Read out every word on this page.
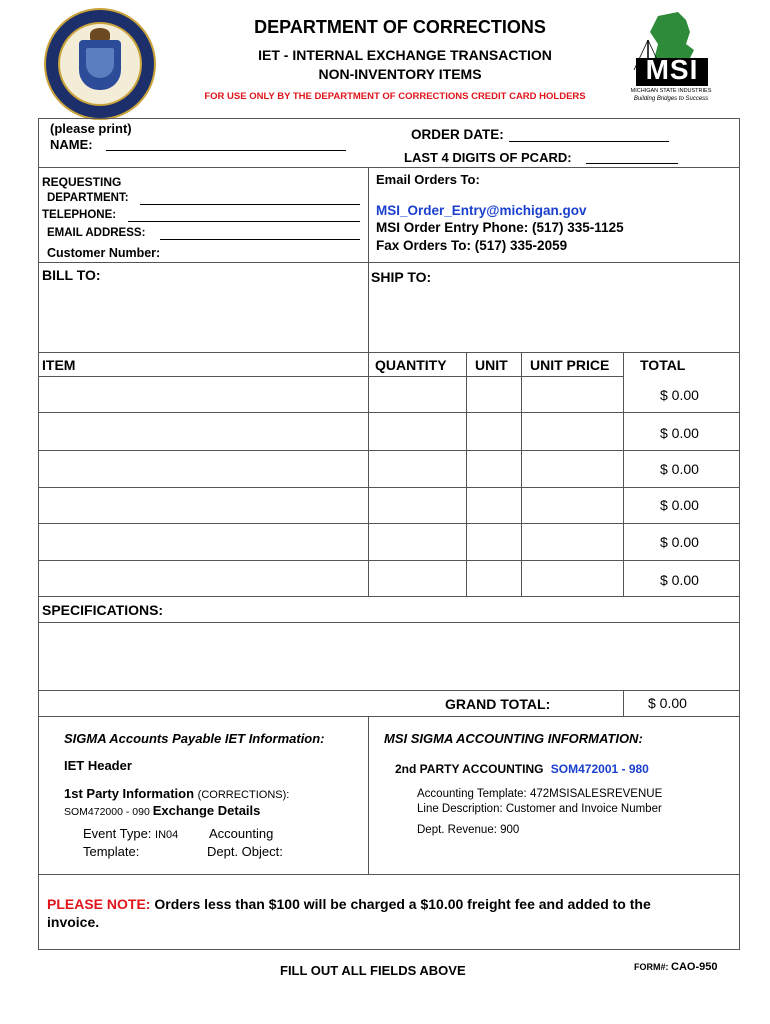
DEPARTMENT OF CORRECTIONS
IET - INTERNAL EXCHANGE TRANSACTION
NON-INVENTORY ITEMS
FOR USE ONLY BY THE DEPARTMENT OF CORRECTIONS CREDIT CARD HOLDERS
MSI
MICHIGAN STATE INDUSTRIES
Building Bridges to Success
(please print)
NAME:
ORDER DATE:
LAST 4 DIGITS OF PCARD:
REQUESTING
DEPARTMENT:
TELEPHONE:
EMAIL ADDRESS:
Customer Number:
Email Orders To:
MSI_Order_Entry@michigan.gov
MSI Order Entry Phone: (517) 335-1125
Fax Orders To: (517) 335-2059
BILL TO:	SHIP TO:
ITEM	QUANTITY UNIT UNIT PRICE TOTAL
$ 0.00
$ 0.00
$ 0.00
$ 0.00
$ 0.00
$ 0.00
SPECIFICATIONS:
GRAND TOTAL:	$ 0.00
SIGMA Accounts Payable IET Information:
IET Header
1st Party Information (CORRECTIONS):
SOM472000 - 090 Exchange Details
Event Type: IN04
Template:
Accounting
Dept. Object:
MSI SIGMA ACCOUNTING INFORMATION:
2nd PARTY ACCOUNTING SOM472001 - 980
Accounting Template: 472MSISALESREVENUE
Line Description: Customer and Invoice Number
Dept. Revenue: 900
PLEASE NOTE: Orders less than $100 will be charged a $10.00 freight fee and added to the
invoice.
FILL OUT ALL FIELDS ABOVE	FORM#: CAO-950
